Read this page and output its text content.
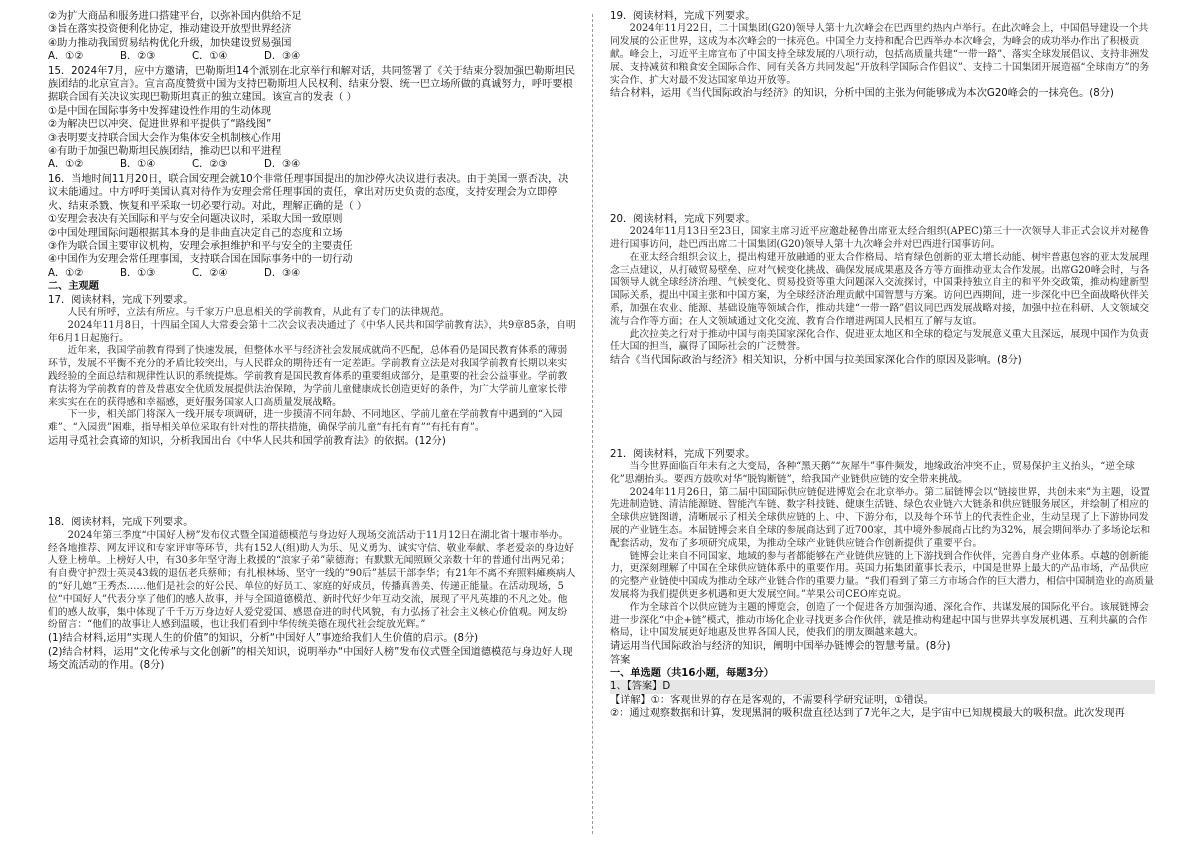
②为扩大商品和服务进口搭建平台，以弥补国内供给不足

③旨在落实投资便利化协定，推动建设开放型世界经济

④助力推动我国贸易结构优化升级，加快建设贸易强国

A．①②	B．②③	C．①④	D．③④

15．2024年7月，应中方邀请，巴勒斯坦14个派别在北京举行和解对话，共同签署了《关于结束分裂加强巴勒斯坦民族团结的北京宣言》。宣言高度赞赏中国为支持巴勒斯坦人民权利、结束分裂、统一巴立场所做的真诚努力，呼吁要根据联合国有关决议实现巴勒斯坦真正的独立建国。该宣言的发表（ ）

①是中国在国际事务中发挥建设性作用的生动体现

②为解决巴以冲突、促进世界和平提供了“路线图”

③表明要支持联合国大会作为集体安全机制核心作用

④有助于加强巴勒斯坦民族团结，推动巴以和平进程

A．①②	B．①④	C．②③	D．③④

16．当地时间11月20日，联合国安理会就10个非常任理事国提出的加沙停火决议进行表决。由于美国一票否决，决议未能通过。中方呼吁美国认真对待作为安理会常任理事国的责任，拿出对历史负责的态度，支持安理会为立即停火、结束杀戮、恢复和平采取一切必要行动。对此，理解正确的是（ ）

①安理会表决有关国际和平与安全问题决议时，采取大国一致原则

②中国处理国际问题根据其本身的是非曲直决定自己的态度和立场

③作为联合国主要审议机构，安理会承担维护和平与安全的主要责任

④中国作为安理会常任理事国，支持联合国在国际事务中的一切行动

A．①②	B．①③	C．②④	D．③④

二、主观题

17．阅读材料，完成下列要求。

人民有所呼，立法有所应。与千家万户息息相关的学前教育，从此有了专门的法律规范。

2024年11月8日，十四届全国人大常委会第十二次会议表决通过了《中华人民共和国学前教育法》，共9章85条，自明年6月1日起施行。

近年来，我国学前教育得到了快速发展，但整体水平与经济社会发展成就尚不匹配，总体看仍是国民教育体系的薄弱环节，发展不平衡不充分的矛盾比较突出，与人民群众的期待还有一定差距。学前教育立法是对我国学前教育长期以来实践经验的全面总结和规律性认识的系统提炼。学前教育是国民教育体系的重要组成部分，是重要的社会公益事业。学前教育法将为学前教育的普及普惠安全优质发展提供法治保障，为学前儿童健康成长创造更好的条件，为广大学前儿童家长带来实实在在的获得感和幸福感，更好服务国家人口高质量发展战略。

下一步，相关部门将深入一线开展专项调研，进一步摸清不同年龄、不同地区、学前儿童在学前教育中遇到的“入园难”、“入园贵”困难，指导相关单位采取有针对性的帮扶措施，确保学前儿童“有托有育”“有托有育”。

运用寻觅社会真谛的知识，分析我国出台《中华人民共和国学前教育法》的依据。(12分)

18．阅读材料，完成下列要求。

2024年第三季度“中国好人榜”发布仪式暨全国道德模范与身边好人现场交流活动于11月12日在湖北省十堰市举办。经各地推荐、网友评议和专家评审等环节，共有152人(组)助人为乐、见义勇为、诚实守信、敬业奉献、孝老爱亲的身边好人登上榜单。上榜好人中，有30多年坚守海上救援的“浪家子弟”蒙德海；有默默无闻照顾父亲数十年的普通付出两兄弟；有自费守护烈士英灵43载的退伍老兵蔡师；有扎根林场、坚守一线的“90后”基层干部李华；有21年不离不弃照料瘫痪病人的“好儿媳”王秀杰……他们是社会的好公民、单位的好员工、家庭的好成员，传播真善美、传递正能量。在活动现场，5位“中国好人”代表分享了他们的感人故事，并与全国道德模范、新时代好少年互动交流，展现了平凡英雄的不凡之处。他们的感人故事，集中体现了千千万万身边好人爱党爱国、感恩奋进的时代风貌，有力弘扬了社会主义核心价值观。网友纷纷留言：“他们的故事让人感到温暖，也让我们看到中华传统美德在现代社会绽放光辉。”

(1)结合材料,运用“实现人生的价值”的知识，分析“中国好人”事迹给我们人生价值的启示。(8分)

(2)结合材料，运用“文化传承与文化创新”的相关知识，说明举办“中国好人榜”发布仪式暨全国道德模范与身边好人现场交流活动的作用。(8分)

19．阅读材料，完成下列要求。

2024年11月22日，二十国集团(G20)领导人第十九次峰会在巴西里约热内卢举行。在此次峰会上，中国倡导建设一个共同发展的公正世界，这成为本次峰会的一抹亮色。中国全力支持和配合巴西举办本次峰会，为峰会的成功举办作出了积极贡献。峰会上，习近平主席宣布了中国支持全球发展的八项行动，包括高质量共建“一带一路”、落实全球发展倡议、支持非洲发展、支持减贫和粮食安全国际合作、同有关各方共同发起“开放科学国际合作倡议”、支持二十国集团开展造福“全球南方”的务实合作、扩大对最不发达国家单边开放等。

结合材料，运用《当代国际政治与经济》的知识，分析中国的主张为何能够成为本次G20峰会的一抹亮色。(8分)

20．阅读材料，完成下列要求。

2024年11月13日至23日，国家主席习近平应邀赴秘鲁出席亚太经合组织(APEC)第三十一次领导人非正式会议并对秘鲁进行国事访问，赴巴西出席二十国集团(G20)领导人第十九次峰会并对巴西进行国事访问。

在亚太经合组织会议上，提出构建开放融通的亚太合作格局、培育绿色创新的亚太增长动能、树牢普惠包容的亚太发展理念三点建议，从打破贸易壁垒、应对气候变化挑战、确保发展成果惠及各方等方面推动亚太合作发展。出席G20峰会时，与各国领导人就全球经济治理、气候变化、贸易投资等重大问题深入交流探讨，中国秉持独立自主的和平外交政策，推动构建新型国际关系，提出中国主张和中国方案，为全球经济治理贡献中国智慧与方案。访问巴西期间，进一步深化中巴全面战略伙伴关系，加强在农业、能源、基础设施等领域合作，推动共建“一带一路”倡议同巴西发展战略对接，加强中拉在科研、人文领域交流与合作等方面；在人文领域通过文化交流、教育合作增进两国人民相互了解与友谊。

此次拉美之行对于推动中国与南美国家深化合作、促进亚太地区和全球的稳定与发展意义重大且深远，展现中国作为负责任大国的担当，赢得了国际社会的广泛赞誉。

结合《当代国际政治与经济》相关知识，分析中国与拉美国家深化合作的原因及影响。(8分)

21．阅读材料，完成下列要求。

当今世界面临百年未有之大变局，各种“黑天鹅”“灰犀牛”事件频发，地缘政治冲突不止，贸易保护主义抬头，“逆全球化”思潮抬头。要西方鼓吹对华“脱钩断链”，给我国产业链供应链的安全带来挑战。

2024年11月26日，第二届中国国际供应链促进博览会在北京举办。第二届链博会以“链接世界，共创未来”为主题，设置先进制造链、清洁能源链、智能汽车链、数字科技链、健康生活链、绿色农业链六大链条和供应链服务展区，并绘制了相应的全球供应链图谱，清晰展示了相关全球供应链的上、中、下游分布，以及每个环节上的代表性企业，生动呈现了上下游协同发展的产业链生态。本届链博会来自全球的参展商达到了近700家，其中境外参展商占比约为32%，展会期间举办了多场论坛和配套活动，发布了多项研究成果，为推动全球产业链供应链合作创新提供了重要平台。

链博会让来自不同国家、地域的参与者都能够在产业链供应链的上下游找到合作伙伴，完善自身产业体系。卓越的创新能力，更深刻理解了中国在全球供应链体系中的重要作用。英国力拓集团董事长表示，中国是世界上最大的产品市场，产品供应的完整产业链使中国成为推动全球产业链合作的重要力量。“我们看到了第三方市场合作的巨大潜力，相信中国制造业的高质量发展将为我们提供更多机遇和更大发展空间。”苹果公司CEO库克说。

作为全球首个以供应链为主题的博览会，创造了一个促进各方加强沟通、深化合作、共谋发展的国际化平台。该展链博会进一步深化“中企+链”模式，推动市场化企业寻找更多合作伙伴，就是推动构建起中国与世界共享发展机遇、互利共赢的合作格局，让中国发展更好地惠及世界各国人民，使我们的朋友圈越来越大。

请运用当代国际政治与经济的知识，阐明中国举办链博会的智慧考量。(8分)

答案

一、单选题（共16小题，每题3分）

1、【答案】D

【详解】①：客观世界的存在是客观的，不需要科学研究证明，①错误。

②：通过观察数据和计算，发现黑洞的吸积盘直径达到了7光年之大，是宇宙中已知规模最大的吸积盘。此次发现再
